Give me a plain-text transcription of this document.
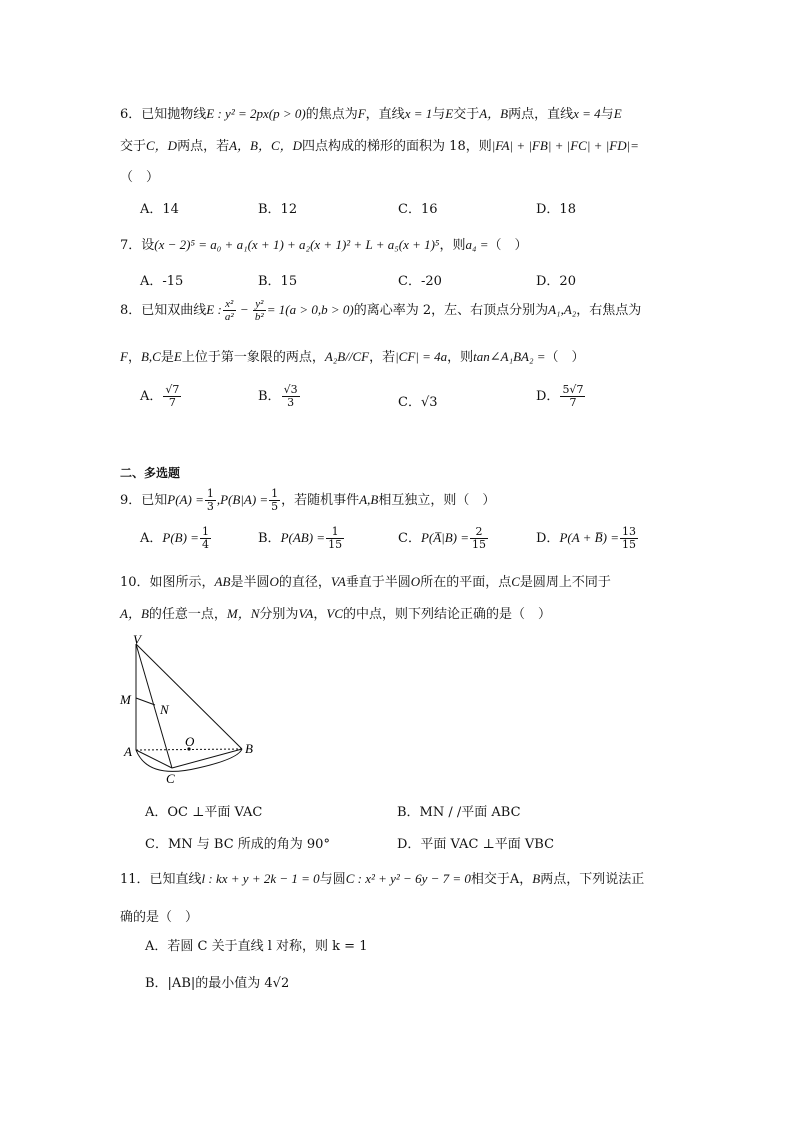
6．已知抛物线E : y² = 2px(p > 0)的焦点为F，直线x = 1与E交于A，B两点，直线x = 4与E
交于C，D两点，若A，B，C，D四点构成的梯形的面积为 18，则|FA| + |FB| + |FC| + |FD|=
（　）
A．14	B．12	C．16	D．18
7．设(x − 2)⁵ = a₀ + a₁(x + 1) + a₂(x + 1)² + L + a₅(x + 1)⁵，则a₄ =（　）
A．-15	B．15	C．-20	D．20
8．已知双曲线E : $\frac{\text{x²}}{\text{a²}} - \frac{\text{y²}}{\text{b²}} = 1(a > 0,b > 0)$的离心率为 2，左、右顶点分别为A₁,A₂，右焦点为
F，B,C是E上位于第一象限的两点，A₂B//CF，若|CF| = 4a，则tan∠A₁BA₂ =（　）
A． $\frac{√7}{7}$	B． $\frac{√3}{3}$	C．√3	D． $\frac{5√7}{7}$
二、多选题
9．已知$P(A) = \frac{1}{3} ,P(B|A) = \frac{1}{5}$ ，若随机事件A,B相互独立，则（　）
A．$P(B) = \frac{1}{4}$	B．$P(AB) = \frac{1}{15}$	C．P(A̅|B) = $\frac{2}{15}$	D．P(A + B̅) = $\frac{13}{15}$
10．如图所示，AB是半圆O的直径，VA垂直于半圆O所在的平面，点C是圆周上不同于
A，B的任意一点，M，N分别为VA，VC的中点，则下列结论正确的是（　）
V
M
N
O
A	B
C
A．OC ⊥平面 VAC	B．MN / /平面 ABC
C．MN 与 BC 所成的角为 90°	D．平面 VAC ⊥平面 VBC
11．已知直线l : kx + y + 2k − 1 = 0与圆C : x² + y² − 6y − 7 = 0相交于A，B两点，下列说法正
确的是（　）
A．若圆 C 关于直线 l 对称，则 k = 1
B．|AB|的最小值为 4√2
